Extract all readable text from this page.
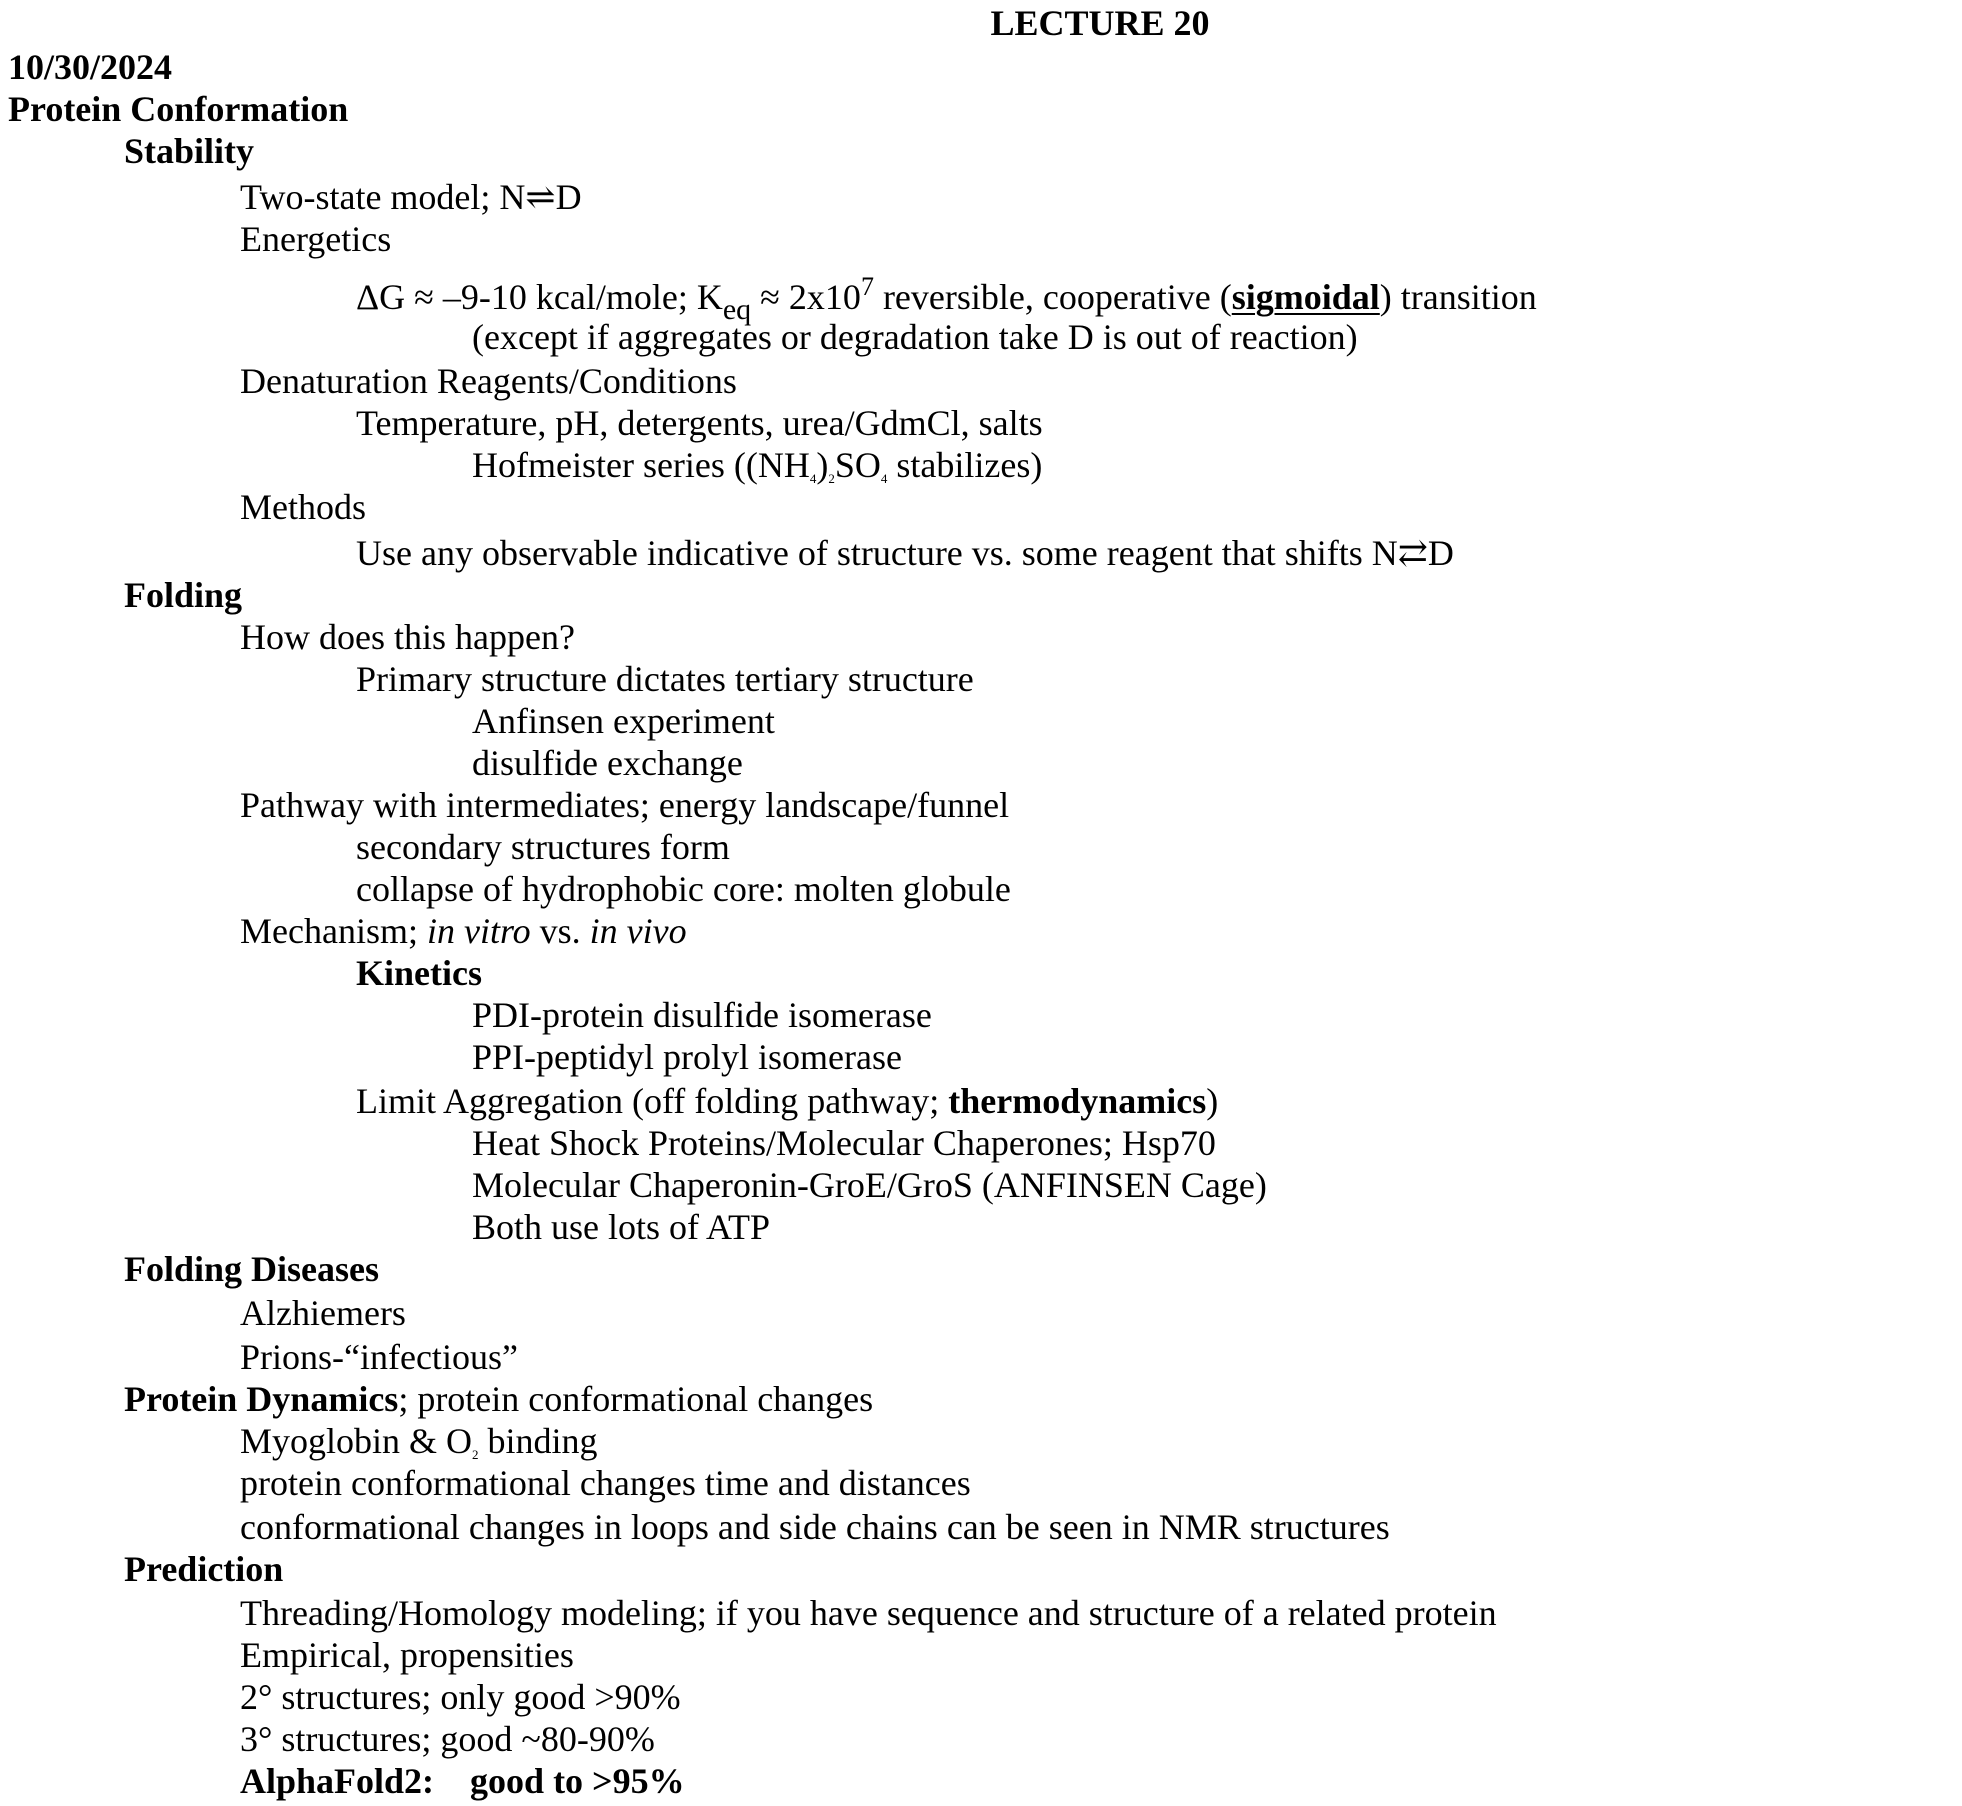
LECTURE 20
10/30/2024
Protein Conformation
Stability
Two-state model; N⇌D
Energetics
ΔG ≈ –9-10 kcal/mole; $K_{eq} \approx 2x10^7$ reversible, cooperative (sigmoidal) transition
(except if aggregates or degradation take D is out of reaction)
Denaturation Reagents/Conditions
Temperature, pH, detergents, urea/GdmCl, salts
Hofmeister series ((NH4)2SO4 stabilizes)
Methods
Use any observable indicative of structure vs. some reagent that shifts N⇄D
Folding
How does this happen?
Primary structure dictates tertiary structure
Anfinsen experiment
disulfide exchange
Pathway with intermediates; energy landscape/funnel
secondary structures form
collapse of hydrophobic core: molten globule
Mechanism; in vitro vs. in vivo
Kinetics
PDI-protein disulfide isomerase
PPI-peptidyl prolyl isomerase
Limit Aggregation (off folding pathway; thermodynamics)
Heat Shock Proteins/Molecular Chaperones; Hsp70
Molecular Chaperonin-GroE/GroS (ANFINSEN Cage)
Both use lots of ATP
Folding Diseases
Alzhiemers
Prions-“infectious”
Protein Dynamics; protein conformational changes
Myoglobin & O2 binding
protein conformational changes time and distances
conformational changes in loops and side chains can be seen in NMR structures
Prediction
Threading/Homology modeling; if you have sequence and structure of a related protein
Empirical, propensities
2° structures; only good >90%
3° structures; good ~80-90%
AlphaFold2:    good to >95%
